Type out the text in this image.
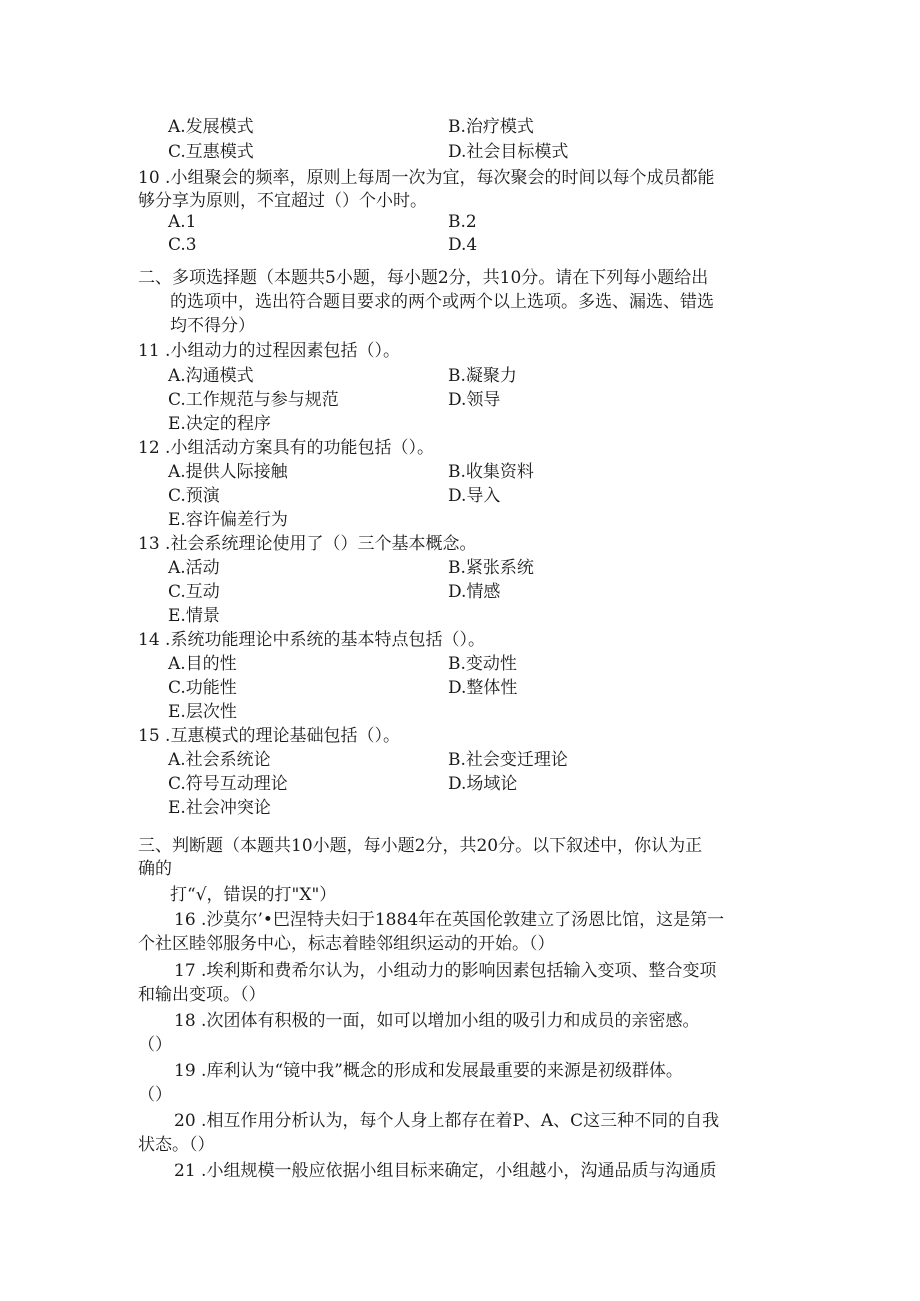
A.发展模式	B.治疗模式
C.互惠模式	D.社会目标模式
10 .小组聚会的频率，原则上每周一次为宜，每次聚会的时间以每个成员都能
够分享为原则，不宜超过（）个小时。
A.1	B.2
C.3	D.4
二、多项选择题（本题共5小题，每小题2分，共10分。请在下列每小题给出
的选项中，选出符合题目要求的两个或两个以上选项。多选、漏选、错选
均不得分）
11 .小组动力的过程因素包括（）。
A.沟通模式	B.凝聚力
C.工作规范与参与规范	D.领导
E.决定的程序
12 .小组活动方案具有的功能包括（）。
A.提供人际接触	B.收集资料
C.预演	D.导入
E.容许偏差行为
13 .社会系统理论使用了（）三个基本概念。
A.活动	B.紧张系统
C.互动	D.情感
E.情景
14 .系统功能理论中系统的基本特点包括（）。
A.目的性	B.变动性
C.功能性	D.整体性
E.层次性
15 .互惠模式的理论基础包括（）。
A.社会系统论	B.社会变迁理论
C.符号互动理论	D.场域论
E.社会冲突论
三、判断题（本题共10小题，每小题2分，共20分。以下叙述中，你认为正
确的
打“√，错误的打"X"）
16 .沙莫尔’•巴涅特夫妇于1884年在英国伦敦建立了汤恩比馆，这是第一
个社区睦邻服务中心，标志着睦邻组织运动的开始。（）
17 .埃利斯和费希尔认为，小组动力的影响因素包括输入变项、整合变项
和输出变项。（）
18 .次团体有积极的一面，如可以增加小组的吸引力和成员的亲密感。
（）
19 .库利认为“镜中我”概念的形成和发展最重要的来源是初级群体。
（）
20 .相互作用分析认为，每个人身上都存在着P、A、C这三种不同的自我
状态。（）
21 .小组规模一般应依据小组目标来确定，小组越小，沟通品质与沟通质
